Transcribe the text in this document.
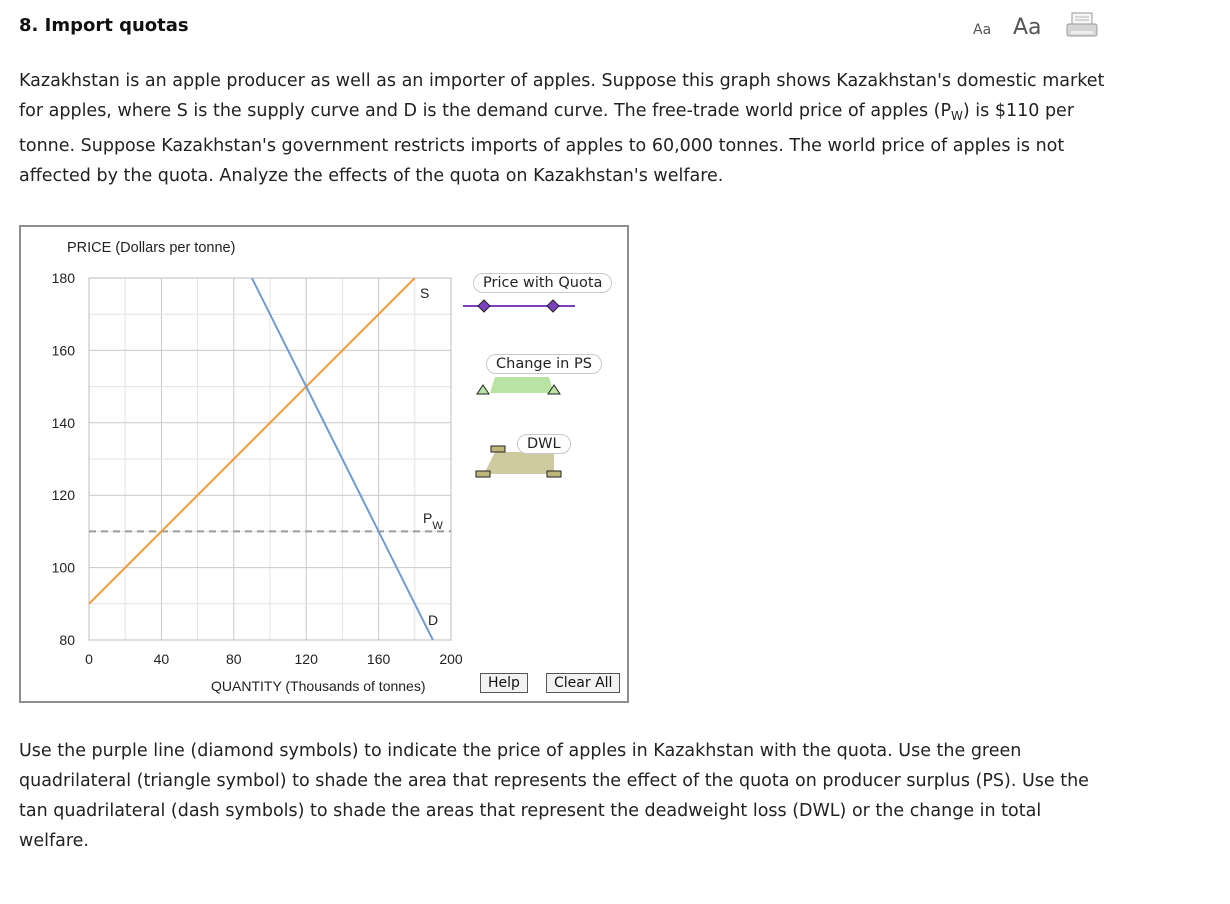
8. Import quotas	Aa Aa

Kazakhstan is an apple producer as well as an importer of apples. Suppose this graph shows Kazakhstan's domestic market for apples, where S is the supply curve and D is the demand curve. The free-trade world price of apples $(P_W)$ is $110 per tonne. Suppose Kazakhstan's government restricts imports of apples to 60,000 tonnes. The world price of apples is not affected by the quota. Analyze the effects of the quota on Kazakhstan's welfare.

PRICE (Dollars per tonne)
80
100
120
140
160
180
0	40	80	120	160	200
S
D
$P_W$
QUANTITY (Thousands of tonnes)
Price with Quota
Change in PS
DWL
Help	Clear All

Use the purple line (diamond symbols) to indicate the price of apples in Kazakhstan with the quota. Use the green quadrilateral (triangle symbol) to shade the area that represents the effect of the quota on producer surplus (PS). Use the tan quadrilateral (dash symbols) to shade the areas that represent the deadweight loss (DWL) or the change in total welfare.
